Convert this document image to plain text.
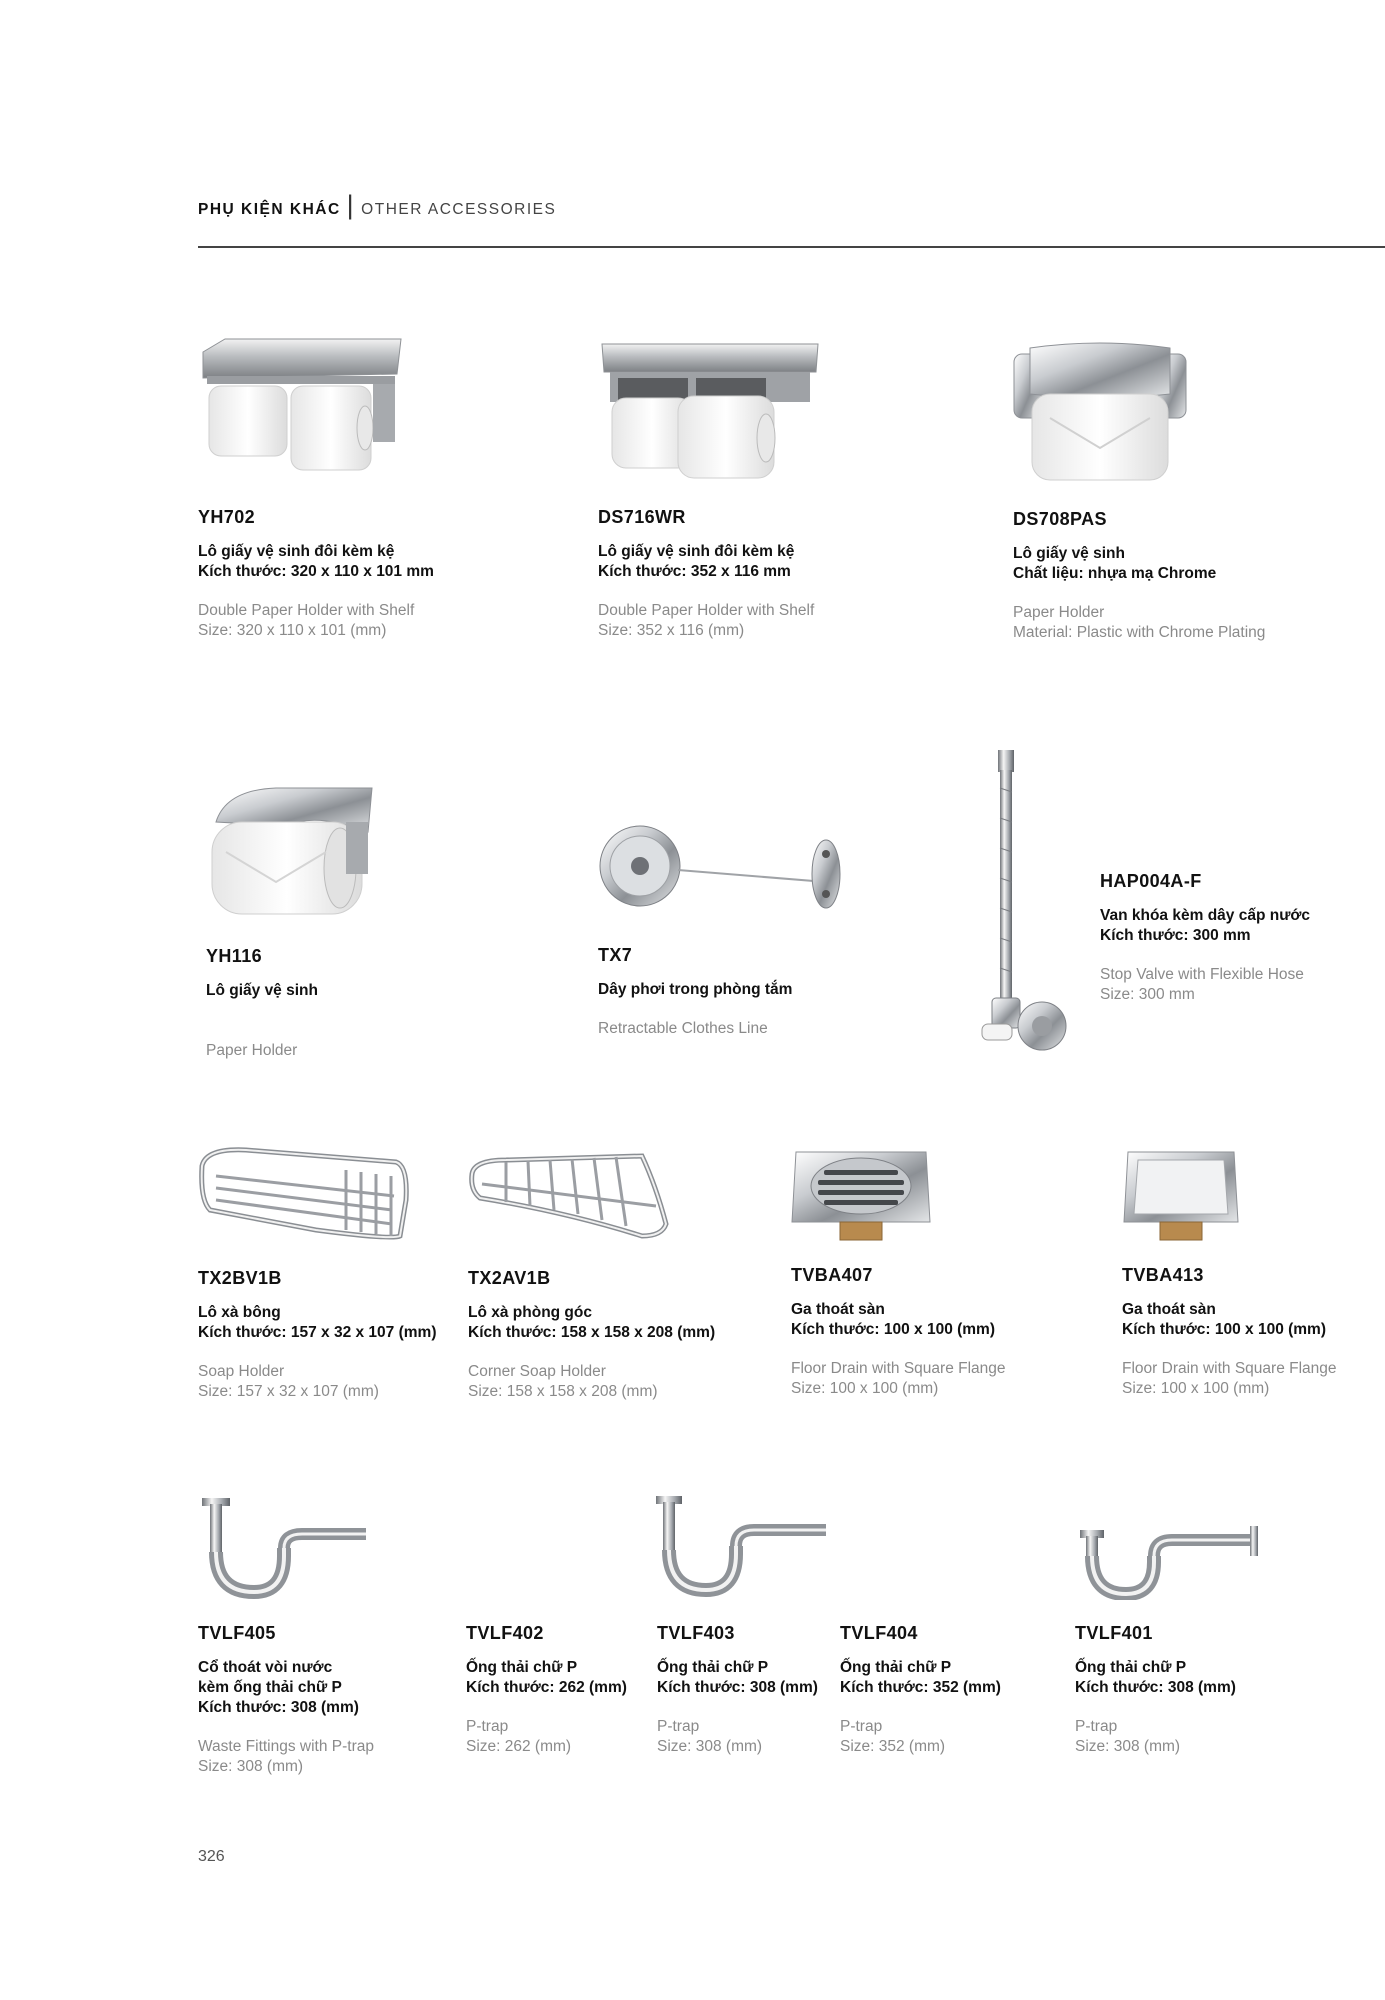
PHỤ KIỆN KHÁC | OTHER ACCESSORIES
YH702
Lô giấy vệ sinh đôi kèm kệ
Kích thước: 320 x 110 x 101 mm
Double Paper Holder with Shelf
Size: 320 x 110 x 101 (mm)
DS716WR
Lô giấy vệ sinh đôi kèm kệ
Kích thước: 352 x 116 mm
Double Paper Holder with Shelf
Size: 352 x 116 (mm)
DS708PAS
Lô giấy vệ sinh
Chất liệu: nhựa mạ Chrome
Paper Holder
Material: Plastic with Chrome Plating
YH116
Lô giấy vệ sinh
Paper Holder
TX7
Dây phơi trong phòng tắm
Retractable Clothes Line
HAP004A-F
Van khóa kèm dây cấp nước
Kích thước: 300 mm
Stop Valve with Flexible Hose
Size: 300 mm
TX2BV1B
Lô xà bông
Kích thước: 157 x 32 x 107 (mm)
Soap Holder
Size: 157 x 32 x 107 (mm)
TX2AV1B
Lô xà phòng góc
Kích thước: 158 x 158 x 208 (mm)
Corner Soap Holder
Size: 158 x 158 x 208 (mm)
TVBA407
Ga thoát sàn
Kích thước: 100 x 100 (mm)
Floor Drain with Square Flange
Size: 100 x 100 (mm)
TVBA413
Ga thoát sàn
Kích thước: 100 x 100 (mm)
Floor Drain with Square Flange
Size: 100 x 100 (mm)
TVLF405
Cổ thoát vòi nước
kèm ống thải chữ P
Kích thước: 308 (mm)
Waste Fittings with P-trap
Size: 308 (mm)
TVLF402
Ống thải chữ P
Kích thước: 262 (mm)
P-trap
Size: 262 (mm)
TVLF403
Ống thải chữ P
Kích thước: 308 (mm)
P-trap
Size: 308 (mm)
TVLF404
Ống thải chữ P
Kích thước: 352 (mm)
P-trap
Size: 352 (mm)
TVLF401
Ống thải chữ P
Kích thước: 308 (mm)
P-trap
Size: 308 (mm)
326
